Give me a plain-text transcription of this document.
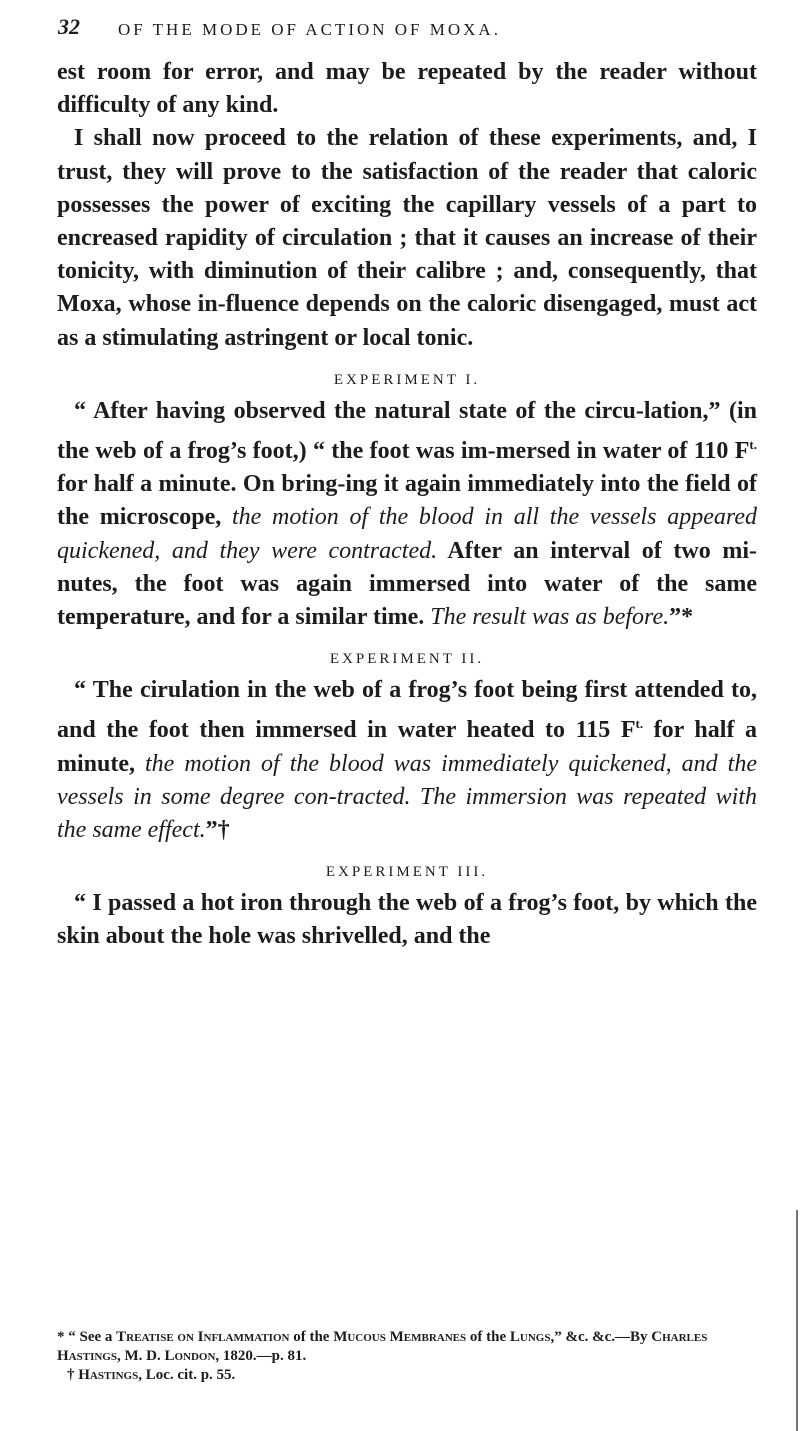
32 OF THE MODE OF ACTION OF MOXA.

est room for error, and may be repeated by the reader without difficulty of any kind.

I shall now proceed to the relation of these experiments, and, I trust, they will prove to the satisfaction of the reader that caloric possesses the power of exciting the capillary vessels of a part to encreased rapidity of circulation ; that it causes an increase of their tonicity, with diminution of their calibre ; and, consequently, that Moxa, whose in-fluence depends on the caloric disengaged, must act as a stimulating astringent or local tonic.

EXPERIMENT I.

“ After having observed the natural state of the circu-lation,” (in the web of a frog’s foot,) “ the foot was im-mersed in water of 110 $F^{t.}$ for half a minute. On bring-ing it again immediately into the field of the microscope, the motion of the blood in all the vessels appeared quickened, and they were contracted. After an interval of two mi-nutes, the foot was again immersed into water of the same temperature, and for a similar time. The result was as before.”*

EXPERIMENT II.

“ The cirulation in the web of a frog’s foot being first attended to, and the foot then immersed in water heated to 115 $F^{t.}$ for half a minute, the motion of the blood was immediately quickened, and the vessels in some degree con-tracted. The immersion was repeated with the same effect.”†

EXPERIMENT III.

“ I passed a hot iron through the web of a frog’s foot, by which the skin about the hole was shrivelled, and the

* “ See a Treatise on Inflammation of the Mucous Membranes of the Lungs,” &c. &c.—By Charles Hastings, M. D. London, 1820.—p. 81.

† Hastings, Loc. cit. p. 55.
